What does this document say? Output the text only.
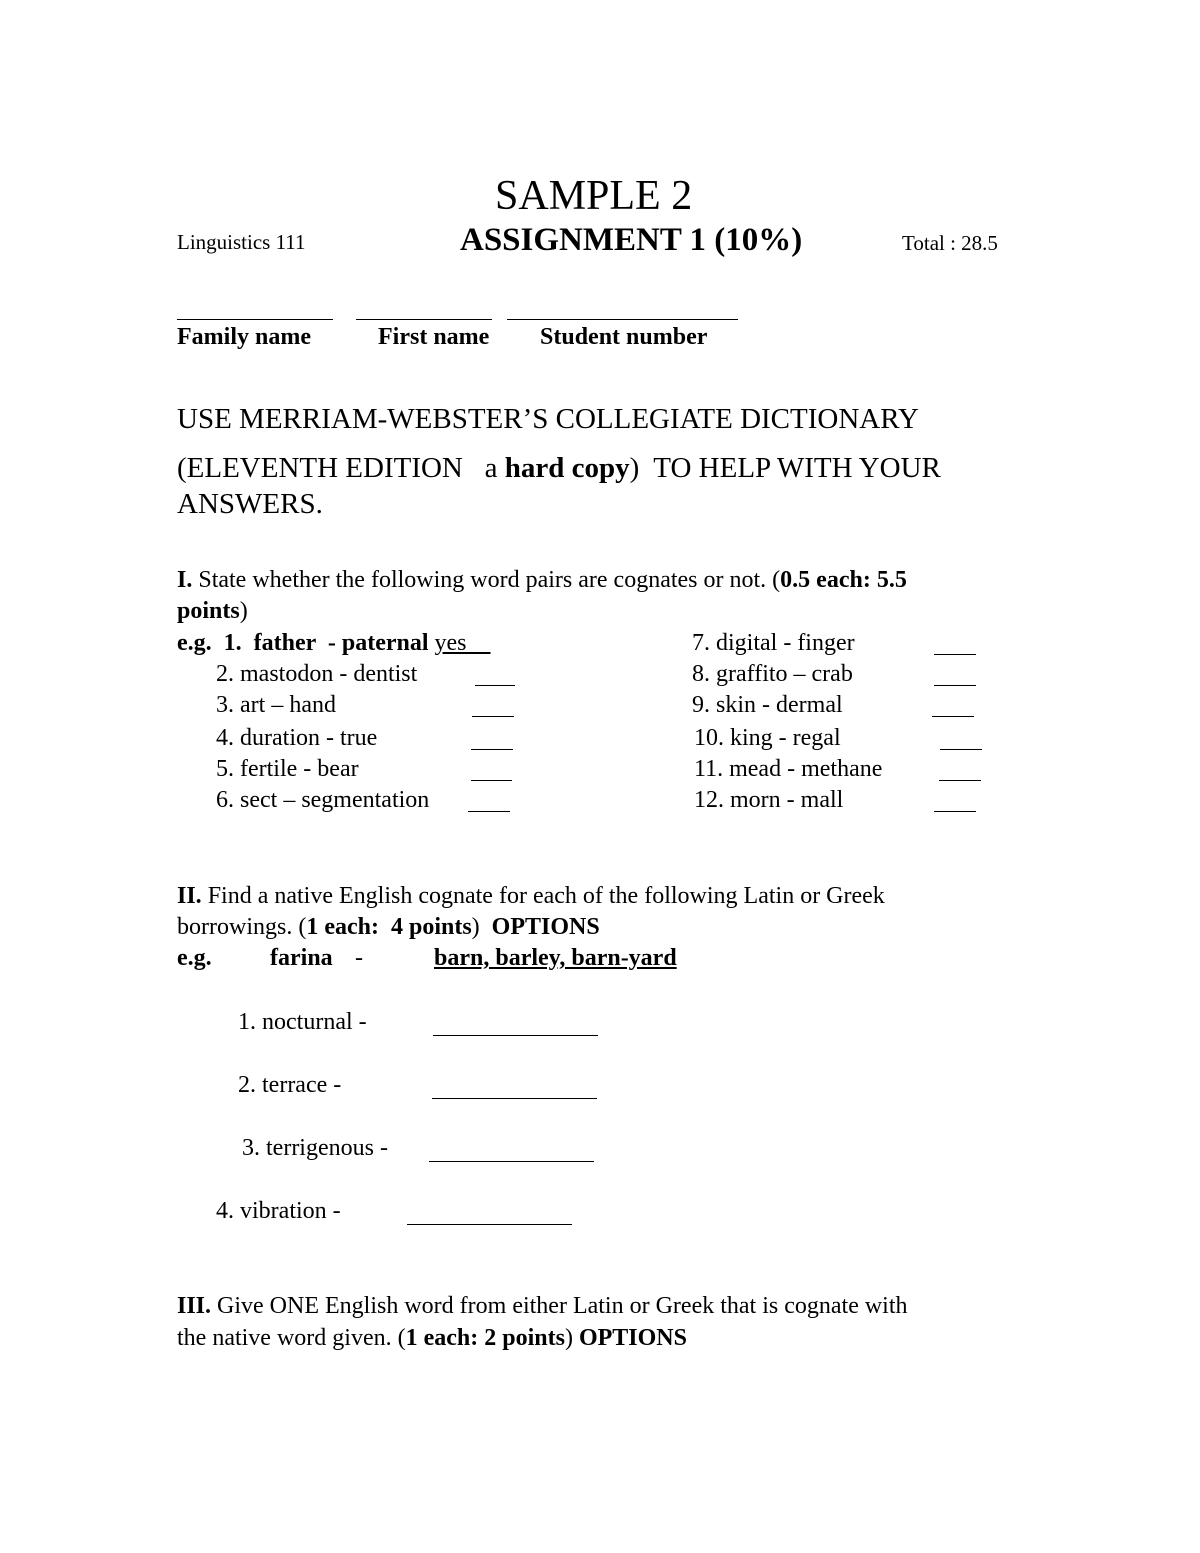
SAMPLE 2
Linguistics 111	ASSIGNMENT 1 (10%)	Total : 28.5
Family name	First name Student number
USE MERRIAM-WEBSTER’S COLLEGIATE DICTIONARY
(ELEVENTH EDITION   a hard copy)  TO HELP WITH YOUR
ANSWERS.
I. State whether the following word pairs are cognates or not. (0.5 each: 5.5
points)
e.g.  1.  father  - paternal yes
2. mastodon - dentist
3. art – hand
4. duration - true
5. fertile - bear
6. sect – segmentation
7. digital - finger
8. graffito – crab
9. skin - dermal
10. king - regal
11. mead - methane
12. morn - mall
II. Find a native English cognate for each of the following Latin or Greek
borrowings. (1 each:  4 points)  OPTIONS
e.g. farina -	barn, barley, barn-yard
1. nocturnal -
2. terrace -
3. terrigenous -
4. vibration -
III. Give ONE English word from either Latin or Greek that is cognate with
the native word given. (1 each: 2 points) OPTIONS
